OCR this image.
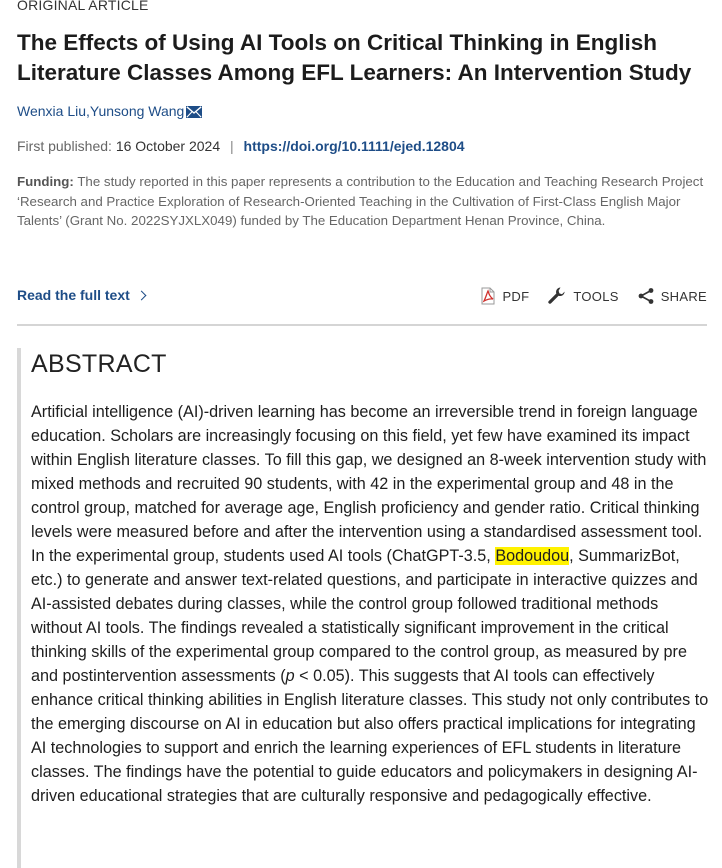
ORIGINAL ARTICLE
The Effects of Using AI Tools on Critical Thinking in English Literature Classes Among EFL Learners: An Intervention Study
Wenxia Liu , Yunsong Wang
First published: 16 October 2024 | https://doi.org/10.1111/ejed.12804
Funding: The study reported in this paper represents a contribution to the Education and Teaching Research Project ‘Research and Practice Exploration of Research-Oriented Teaching in the Cultivation of First-Class English Major Talents’ (Grant No. 2022SYJXLX049) funded by The Education Department Henan Province, China.
Read the full text	PDF	TOOLS	SHARE
ABSTRACT

Artificial intelligence (AI)-driven learning has become an irreversible trend in foreign language education. Scholars are increasingly focusing on this field, yet few have examined its impact within English literature classes. To fill this gap, we designed an 8-week intervention study with mixed methods and recruited 90 students, with 42 in the experimental group and 48 in the control group, matched for average age, English proficiency and gender ratio. Critical thinking levels were measured before and after the intervention using a standardised assessment tool. In the experimental group, students used AI tools (ChatGPT-3.5, Bodoudou, SummarizBot, etc.) to generate and answer text-related questions, and participate in interactive quizzes and AI-assisted debates during classes, while the control group followed traditional methods without AI tools. The findings revealed a statistically significant improvement in the critical thinking skills of the experimental group compared to the control group, as measured by pre and postintervention assessments (p < 0.05). This suggests that AI tools can effectively enhance critical thinking abilities in English literature classes. This study not only contributes to the emerging discourse on AI in education but also offers practical implications for integrating AI technologies to support and enrich the learning experiences of EFL students in literature classes. The findings have the potential to guide educators and policymakers in designing AI-driven educational strategies that are culturally responsive and pedagogically effective.
